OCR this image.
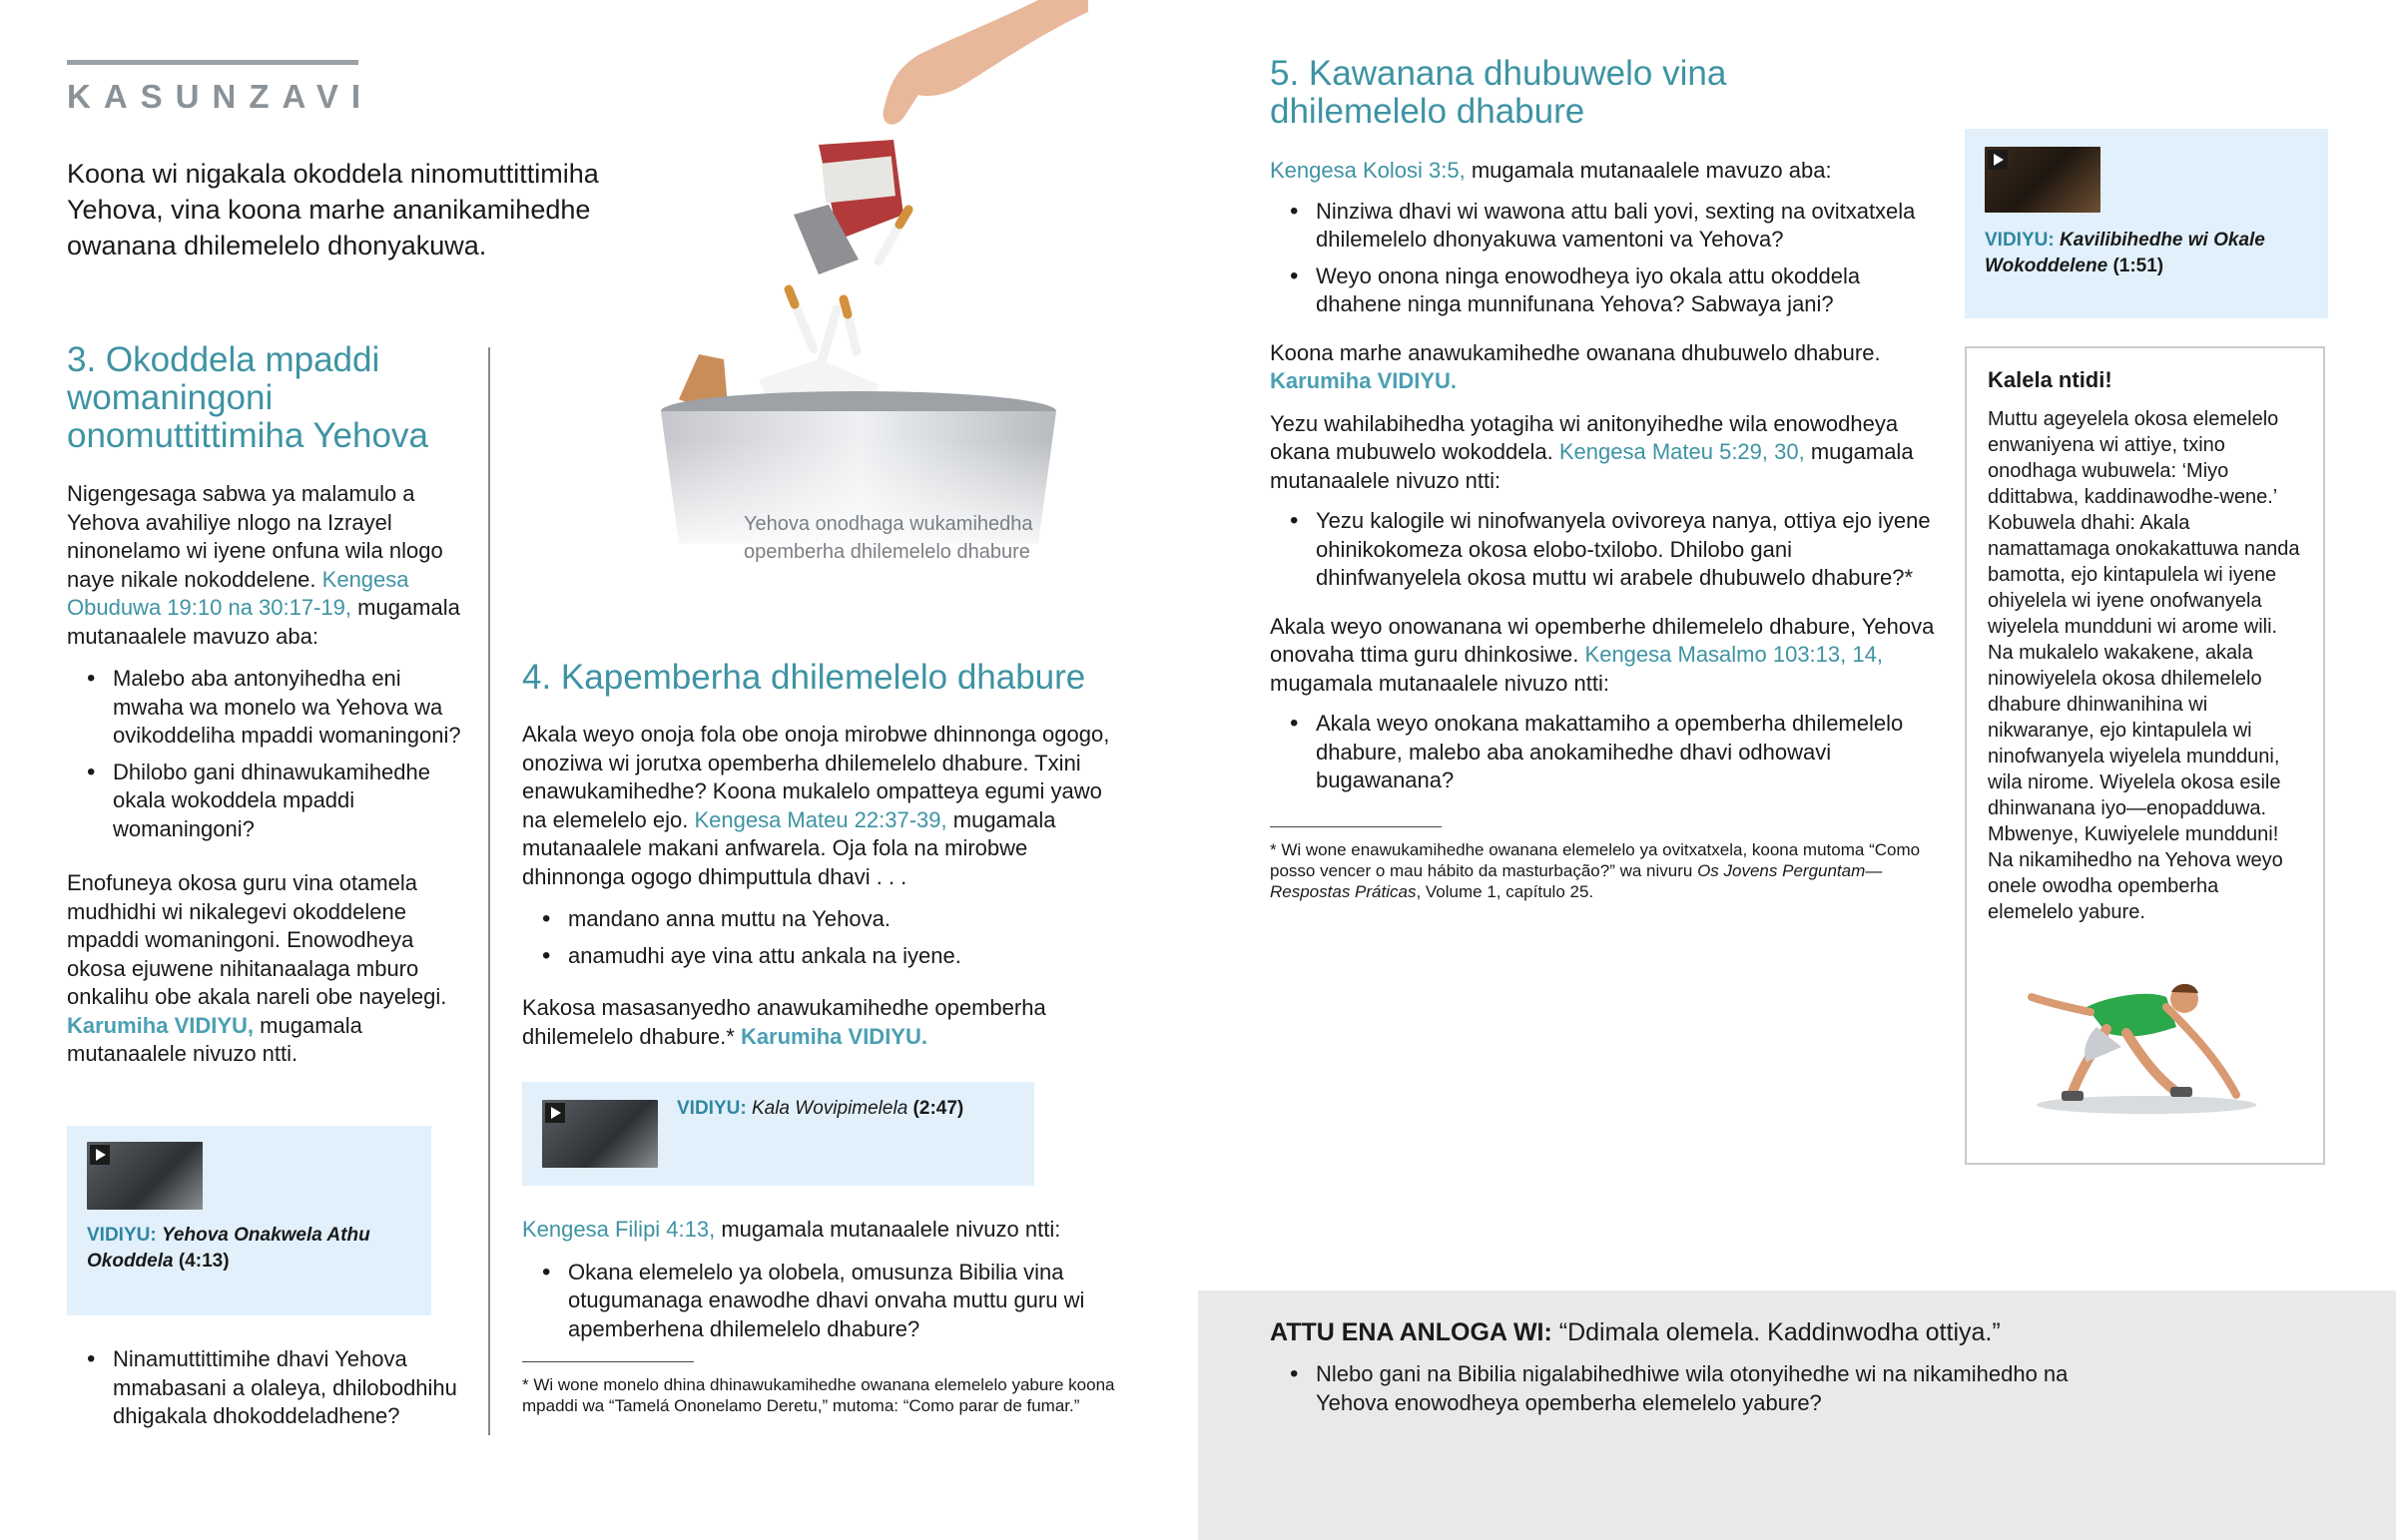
KASUNZAVI
Koona wi nigakala okoddela ninomuttittimiha Yehova, vina koona marhe ananikamihedhe owanana dhilemelelo dhonyakuwa.
3. Okoddela mpaddi womaningoni onomuttittimiha Yehova

Nigengesaga sabwa ya malamulo a Yehova avahiliye nlogo na Izrayel ninonelamo wi iyene onfuna wila nlogo naye nikale nokoddelene. Kengesa Obuduwa 19:10 na 30:17-19, mugamala mutanaalele mavuzo aba:

• Malebo aba antonyihedha eni mwaha wa monelo wa Yehova wa ovikoddeliha mpaddi womaningoni?
• Dhilobo gani dhinawukamihedhe okala wokoddela mpaddi womaningoni?

Enofuneya okosa guru vina otamela mudhidhi wi nikalegevi okoddelene mpaddi womaningoni. Enowodheya okosa ejuwene nihitanaalaga mburo onkalihu obe akala nareli obe nayelegi. Karumiha VIDIYU, mugamala mutanaalele nivuzo ntti.

VIDIYU: Yehova Onakwela Athu Okoddela (4:13)
• Ninamuttittimihe dhavi Yehova mmabasani a olaleya, dhilobodhihu dhigakala dhokoddeladhene?
Yehova onodhaga wukamihedha opemberha dhilemelelo dhabure
4. Kapemberha dhilemelelo dhabure

Akala weyo onoja fola obe onoja mirobwe dhinnonga ogogo, onoziwa wi jorutxa opemberha dhilemelelo dhabure. Txini enawukamihedhe? Koona mukalelo ompatteya egumi yawo na elemelelo ejo. Kengesa Mateu 22:37-39, mugamala mutanaalele makani anfwarela. Oja fola na mirobwe dhinnonga ogogo dhimputtula dhavi . . .

• mandano anna muttu na Yehova.
• anamudhi aye vina attu ankala na iyene.

Kakosa masasanyedho anawukamihedhe opemberha dhilemelelo dhabure.* Karumiha VIDIYU.

VIDIYU: Kala Wovipimelela (2:47)

Kengesa Filipi 4:13, mugamala mutanaalele nivuzo ntti:

• Okana elemelelo ya olobela, omusunza Bibilia vina otugumanaga enawodhe dhavi onvaha muttu guru wi apemberhena dhilemelelo dhabure?
* Wi wone monelo dhina dhinawukamihedhe owanana elemelelo yabure koona mpaddi wa “Tamelá Ononelamo Deretu,” mutoma: “Como parar de fumar.”
5. Kawanana dhubuwelo vina dhilemelelo dhabure

Kengesa Kolosi 3:5, mugamala mutanaalele mavuzo aba:

• Ninziwa dhavi wi wawona attu bali yovi, sexting na ovitxatxela dhilemelelo dhonyakuwa vamentoni va Yehova?
• Weyo onona ninga enowodheya iyo okala attu okoddela dhahene ninga munnifunana Yehova? Sabwaya jani?

Koona marhe anawukamihedhe owanana dhubuwelo dhabure. Karumiha VIDIYU.

Yezu wahilabihedha yotagiha wi anitonyihedhe wila enowodheya okana mubuwelo wokoddela. Kengesa Mateu 5:29, 30, mugamala mutanaalele nivuzo ntti:

• Yezu kalogile wi ninofwanyela ovivoreya nanya, ottiya ejo iyene ohinikokomeza okosa elobo-txilobo. Dhilobo gani dhinfwanyelela okosa muttu wi arabele dhubuwelo dhabure?*

Akala weyo onowanana wi opemberhe dhilemelelo dhabure, Yehova onovaha ttima guru dhinkosiwe. Kengesa Masalmo 103:13, 14, mugamala mutanaalele nivuzo ntti:

• Akala weyo onokana makattamiho a opemberha dhilemelelo dhabure, malebo aba anokamihedhe dhavi odhowavi bugawanana?
* Wi wone enawukamihedhe owanana elemelelo ya ovitxatxela, koona mutoma “Como posso vencer o mau hábito da masturbação?” wa nivuru Os Jovens Perguntam—Respostas Práticas, Volume 1, capítulo 25.
VIDIYU: Kavilibihedhe wi Okale Wokoddelene (1:51)
Kalela ntidi!
Muttu ageyelela okosa elemelelo enwaniyena wi attiye, txino onodhaga wubuwela: ‘Miyo ddittabwa, kaddinawodhe-wene.’ Kobuwela dhahi: Akala namattamaga onokakattuwa nanda bamotta, ejo kintapulela wi iyene ohiyelela wi iyene onofwanyela wiyelela mundduni wi arome wili. Na mukalelo wakakene, akala ninowiyelela okosa dhilemelelo dhabure dhinwanihina wi nikwaranye, ejo kintapulela wi ninofwanyela wiyelela mundduni, wila nirome. Wiyelela okosa esile dhinwanana iyo—enopadduwa. Mbwenye, Kuwiyelele mundduni! Na nikamihedho na Yehova weyo onele owodha opemberha elemelelo yabure.
ATTU ENA ANLOGA WI: “Ddimala olemela. Kaddinwodha ottiya.”
• Nlebo gani na Bibilia nigalabihedhiwe wila otonyihedhe wi na nikamihedho na Yehova enowodheya opemberha elemelelo yabure?
